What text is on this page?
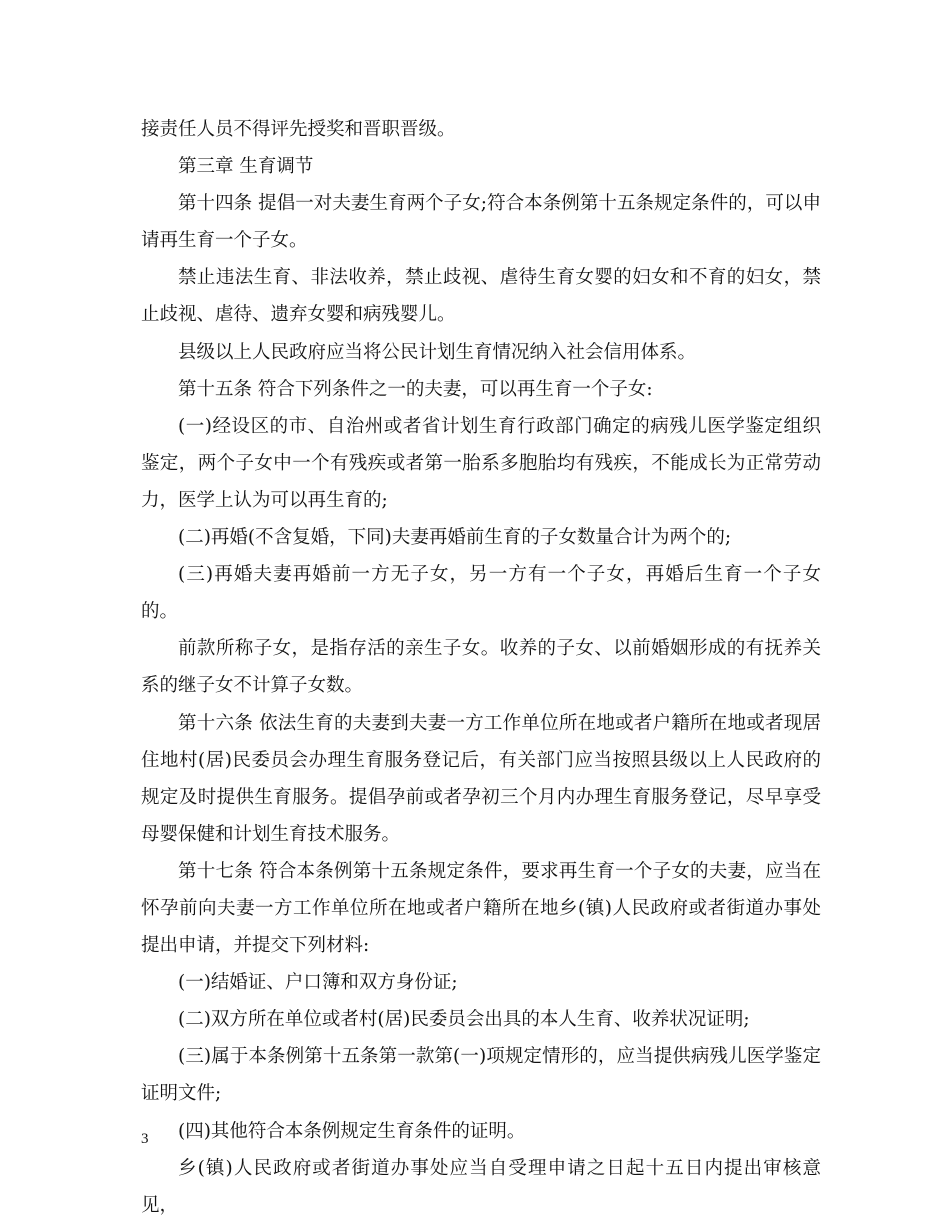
接责任人员不得评先授奖和晋职晋级。

第三章 生育调节

第十四条 提倡一对夫妻生育两个子女;符合本条例第十五条规定条件的，可以申请再生育一个子女。

禁止违法生育、非法收养，禁止歧视、虐待生育女婴的妇女和不育的妇女，禁止歧视、虐待、遗弃女婴和病残婴儿。

县级以上人民政府应当将公民计划生育情况纳入社会信用体系。

第十五条 符合下列条件之一的夫妻，可以再生育一个子女:

(一)经设区的市、自治州或者省计划生育行政部门确定的病残儿医学鉴定组织鉴定，两个子女中一个有残疾或者第一胎系多胞胎均有残疾，不能成长为正常劳动力，医学上认为可以再生育的;

(二)再婚(不含复婚，下同)夫妻再婚前生育的子女数量合计为两个的;

(三)再婚夫妻再婚前一方无子女，另一方有一个子女，再婚后生育一个子女的。

前款所称子女，是指存活的亲生子女。收养的子女、以前婚姻形成的有抚养关系的继子女不计算子女数。

第十六条 依法生育的夫妻到夫妻一方工作单位所在地或者户籍所在地或者现居住地村(居)民委员会办理生育服务登记后，有关部门应当按照县级以上人民政府的规定及时提供生育服务。提倡孕前或者孕初三个月内办理生育服务登记，尽早享受母婴保健和计划生育技术服务。

第十七条 符合本条例第十五条规定条件，要求再生育一个子女的夫妻，应当在怀孕前向夫妻一方工作单位所在地或者户籍所在地乡(镇)人民政府或者街道办事处提出申请，并提交下列材料:

(一)结婚证、户口簿和双方身份证;

(二)双方所在单位或者村(居)民委员会出具的本人生育、收养状况证明;

(三)属于本条例第十五条第一款第(一)项规定情形的，应当提供病残儿医学鉴定证明文件;

(四)其他符合本条例规定生育条件的证明。

乡(镇)人民政府或者街道办事处应当自受理申请之日起十五日内提出审核意见，

3
